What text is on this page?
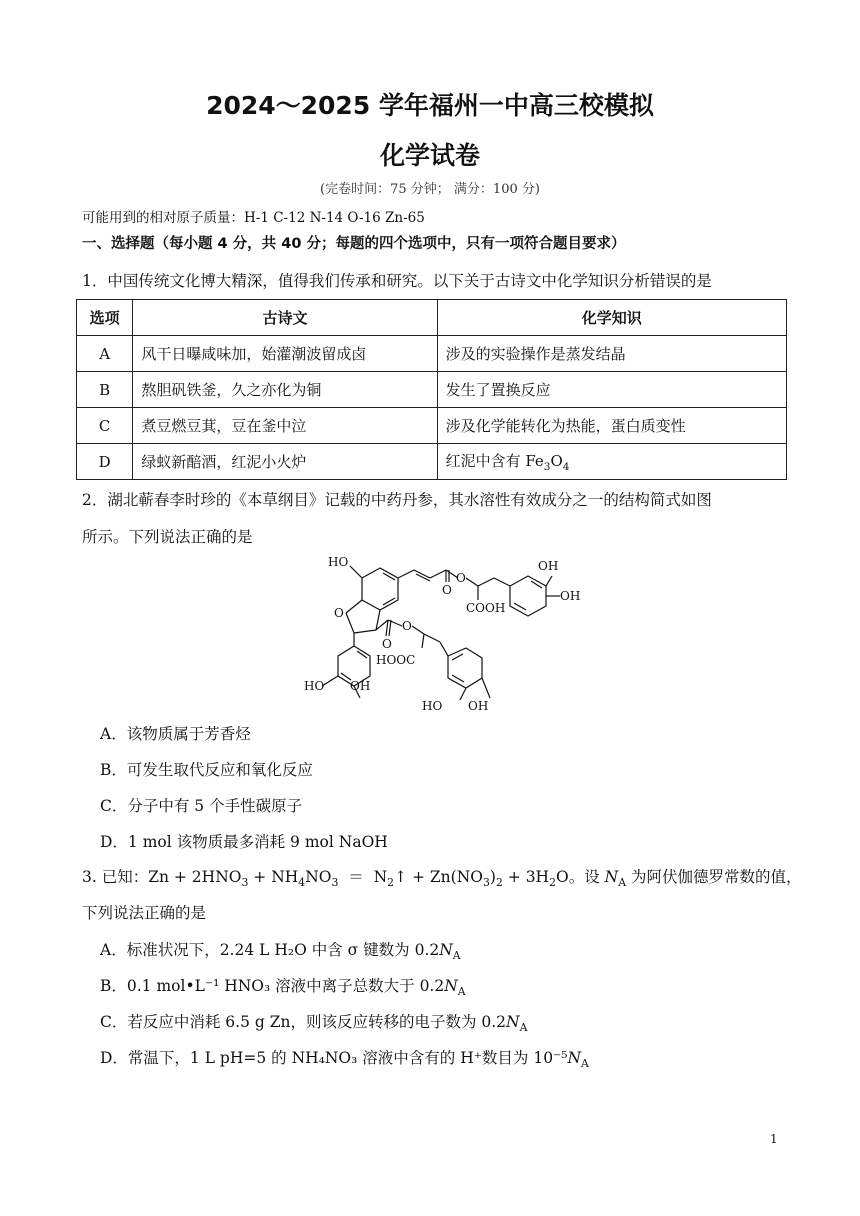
2024～2025 学年福州一中高三校模拟
化学试卷
(完卷时间：75 分钟； 满分：100 分)
可能用到的相对原子质量：H-1 C-12 N-14 O-16 Zn-65
一、选择题（每小题 4 分，共 40 分；每题的四个选项中，只有一项符合题目要求）
1．中国传统文化博大精深，值得我们传承和研究。以下关于古诗文中化学知识分析错误的是
选项	古诗文	化学知识
A	风干日曝咸味加，始灌潮波留成卤	涉及的实验操作是蒸发结晶
B	熬胆矾铁釜，久之亦化为铜	发生了置换反应
C	煮豆燃豆萁，豆在釜中泣	涉及化学能转化为热能，蛋白质变性
D	绿蚁新醅酒，红泥小火炉	红泥中含有 $Fe_3O_4$
2．湖北蕲春李时珍的《本草纲目》记载的中药丹参，其水溶性有效成分之一的结构简式如图
所示。下列说法正确的是
HO	OH
OH
O
O
O
COOH
O
O
HOOC
HO OH
HO OH
A．该物质属于芳香烃
B．可发生取代反应和氧化反应
C．分子中有 5 个手性碳原子
D．1 mol 该物质最多消耗 9 mol NaOH
3. 已知：$Zn + 2HNO_3 + NH_4NO_3$  ＝  $N_2↑ + Zn(NO_3)_2 + 3H_2O$。设 $N_A$ 为阿伏伽德罗常数的值，
下列说法正确的是
A．标准状况下，2.24 L H₂O 中含 σ 键数为 $0.2N_A$
B．0.1 mol•L⁻¹ HNO₃ 溶液中离子总数大于 $0.2N_A$
C．若反应中消耗 6.5 g Zn，则该反应转移的电子数为 $0.2N_A$
D．常温下，1 L pH=5 的 NH₄NO₃ 溶液中含有的 H⁺数目为 $10^{-5}N_A$
1
